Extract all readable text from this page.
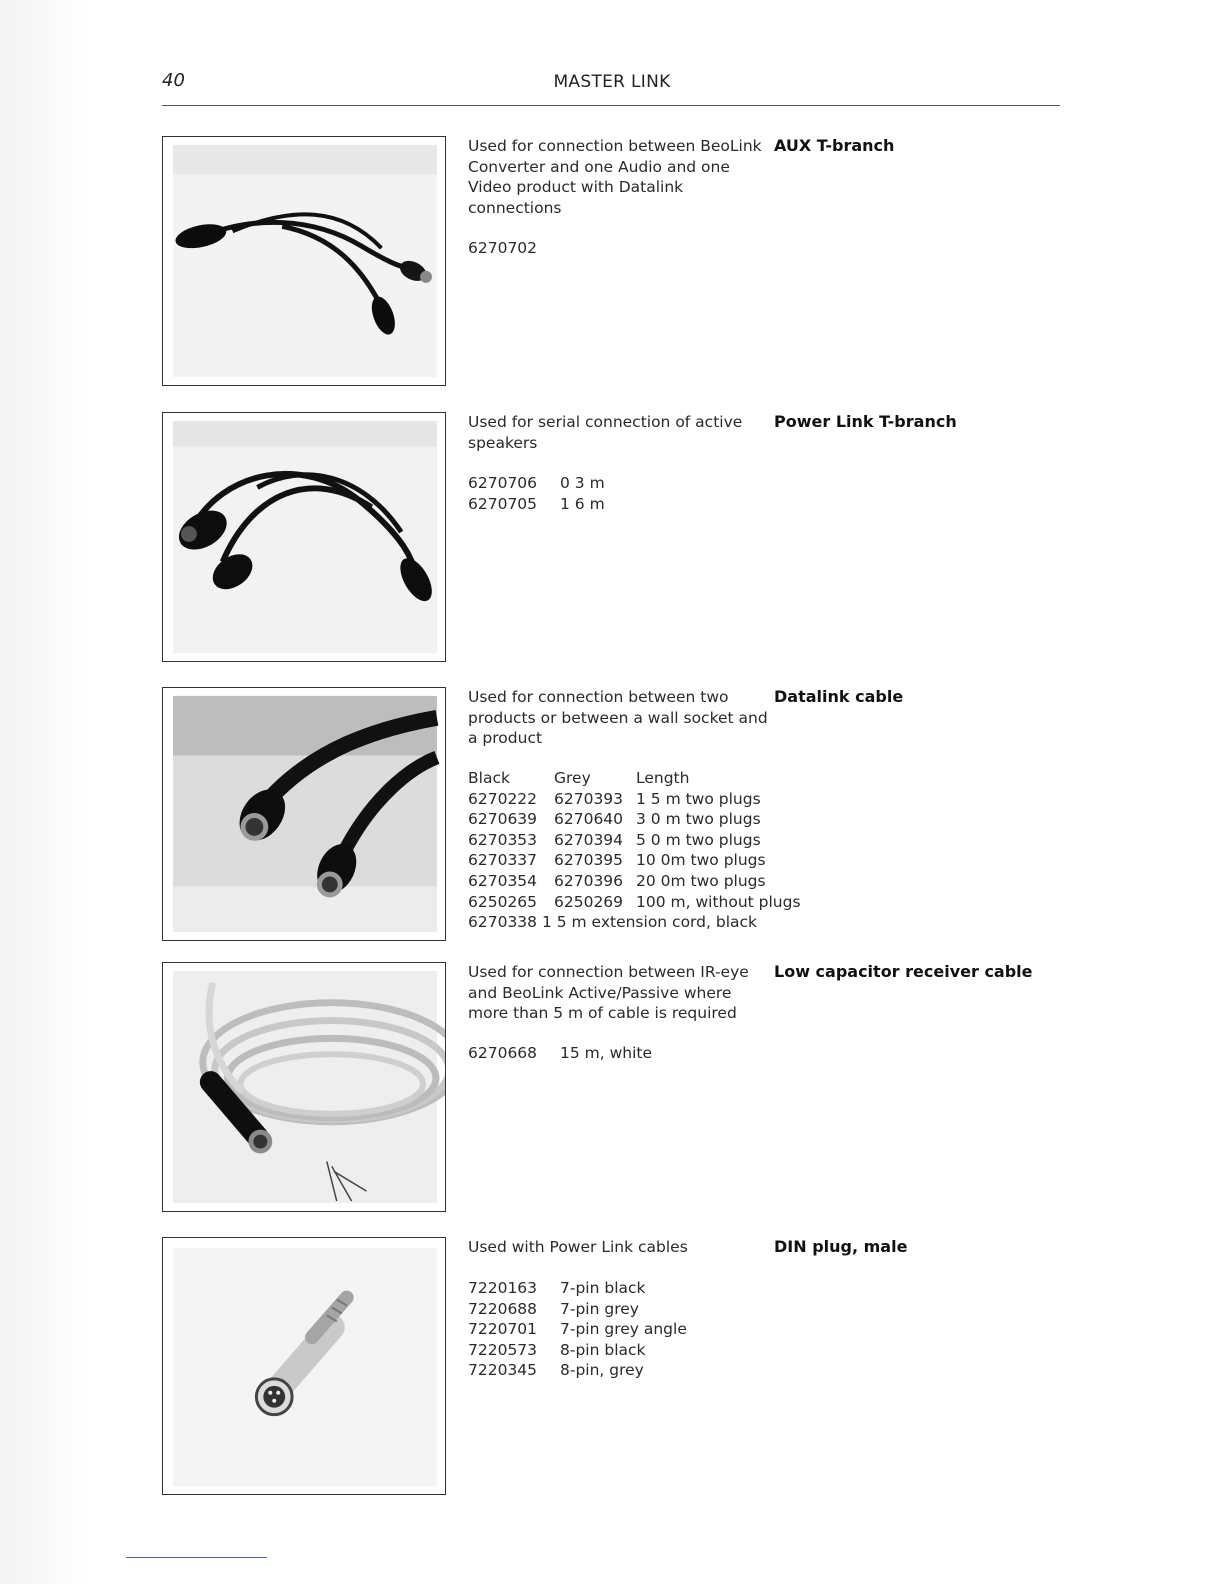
40	MASTER LINK
Used for connection between BeoLink
Converter and one Audio and one
Video product with Datalink
connections
6270702
AUX T-branch
Used for serial connection of active
speakers
6270706	0 3 m
6270705	1 6 m
Power Link T-branch
Used for connection between two
products or between a wall socket and
a product
Black	Grey	Length
6270222	6270393	1 5 m two plugs
6270639	6270640	3 0 m two plugs
6270353	6270394	5 0 m two plugs
6270337	6270395	10 0m two plugs
6270354	6270396	20 0m two plugs
6250265	6250269	100 m, without plugs
6270338 1 5 m extension cord, black		
Datalink cable
Used for connection between IR-eye
and BeoLink Active/Passive where
more than 5 m of cable is required
6270668	15 m, white
Low capacitor receiver cable
Used with Power Link cables
7220163	7-pin black
7220688	7-pin grey
7220701	7-pin grey angle
7220573	8-pin black
7220345	8-pin, grey
DIN plug, male
